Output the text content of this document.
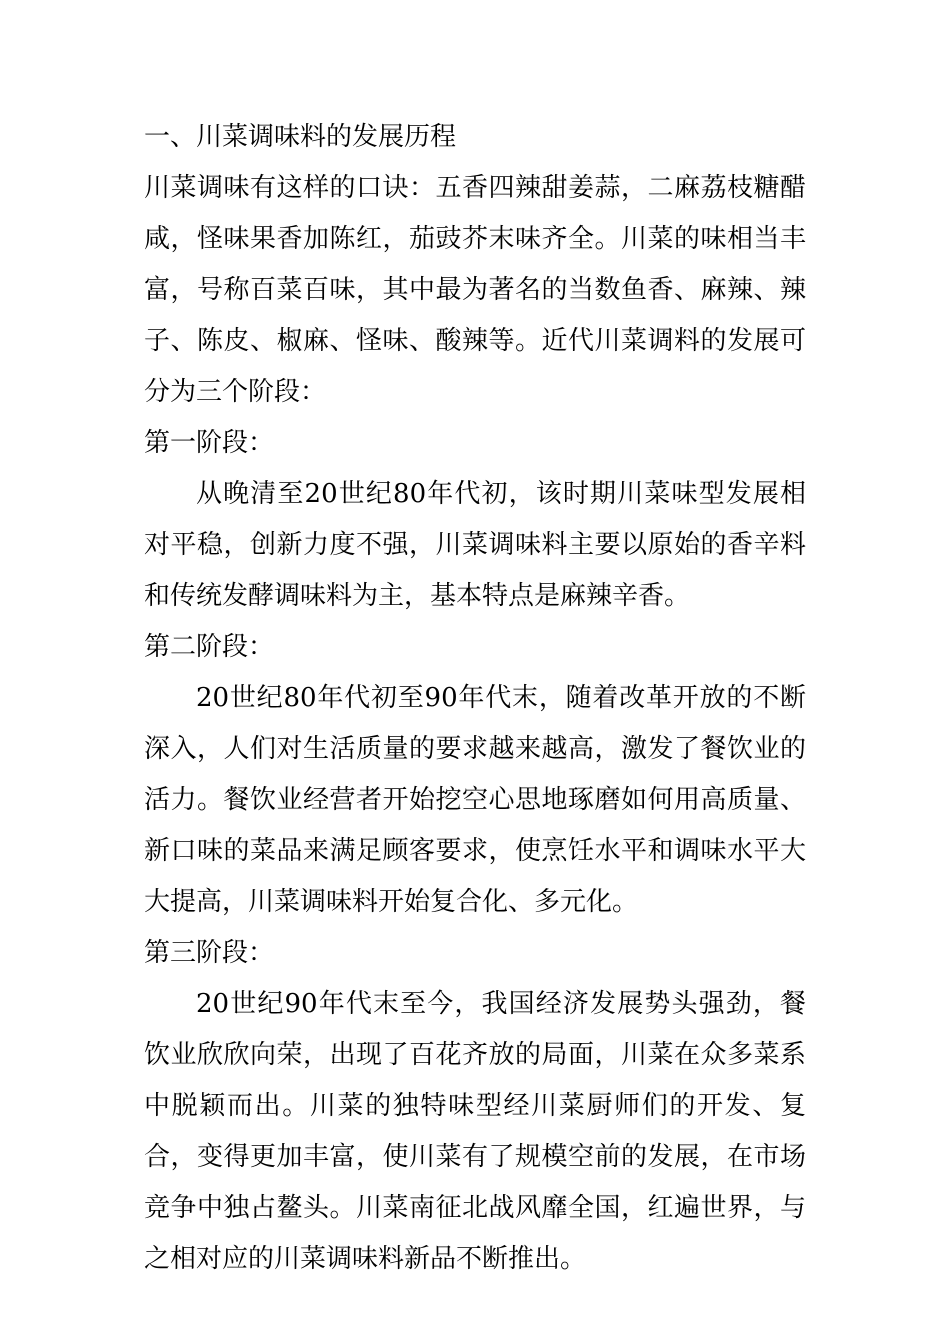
一、川菜调味料的发展历程

川菜调味有这样的口诀：五香四辣甜姜蒜，二麻荔枝糖醋咸，怪味果香加陈红，茄豉芥末味齐全。川菜的味相当丰富，号称百菜百味，其中最为著名的当数鱼香、麻辣、辣子、陈皮、椒麻、怪味、酸辣等。近代川菜调料的发展可分为三个阶段：

第一阶段：

从晚清至20世纪80年代初，该时期川菜味型发展相对平稳，创新力度不强，川菜调味料主要以原始的香辛料和传统发酵调味料为主，基本特点是麻辣辛香。

第二阶段：

20世纪80年代初至90年代末，随着改革开放的不断深入，人们对生活质量的要求越来越高，激发了餐饮业的活力。餐饮业经营者开始挖空心思地琢磨如何用高质量、新口味的菜品来满足顾客要求，使烹饪水平和调味水平大大提高，川菜调味料开始复合化、多元化。

第三阶段：

20世纪90年代末至今，我国经济发展势头强劲，餐饮业欣欣向荣，出现了百花齐放的局面，川菜在众多菜系中脱颖而出。川菜的独特味型经川菜厨师们的开发、复合，变得更加丰富，使川菜有了规模空前的发展，在市场竞争中独占鳌头。川菜南征北战风靡全国，红遍世界，与之相对应的川菜调味料新品不断推出。
